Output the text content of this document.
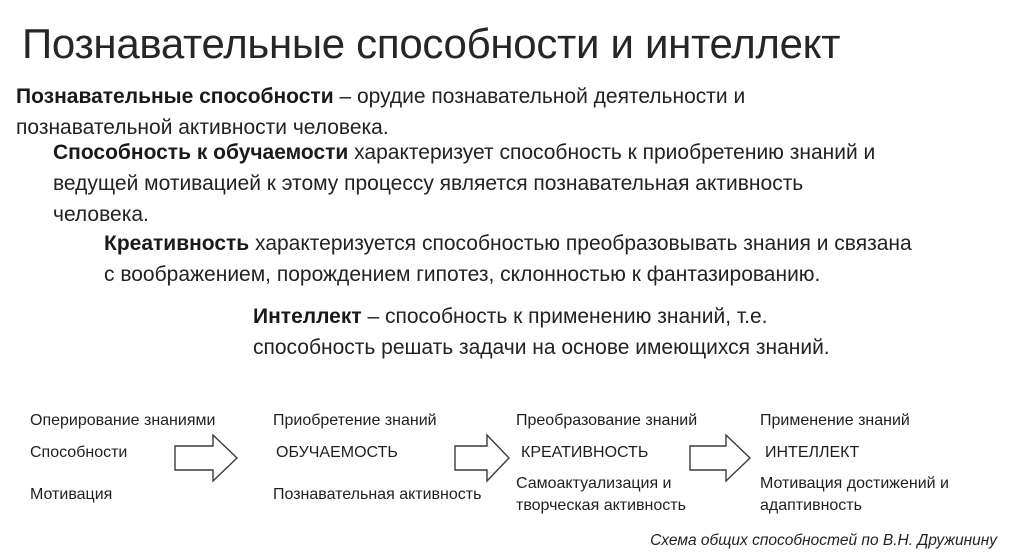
Познавательные способности и интеллект
Познавательные способности – орудие познавательной деятельности и
познавательной активности человека.
Способность к обучаемости характеризует способность к приобретению знаний и
ведущей мотивацией к этому процессу является познавательная активность
человека.
Креативность характеризуется способностью преобразовывать знания и связана
с воображением, порождением гипотез, склонностью к фантазированию.
Интеллект – способность к применению знаний, т.е.
способность решать задачи на основе имеющихся знаний.
Оперирование знаниями
Способности
Мотивация
Приобретение знаний
ОБУЧАЕМОСТЬ
Познавательная активность
Преобразование знаний
КРЕАТИВНОСТЬ
Самоактуализация и
творческая активность
Применение знаний
ИНТЕЛЛЕКТ
Мотивация достижений и
адаптивность
Схема общих способностей по В.Н. Дружинину
